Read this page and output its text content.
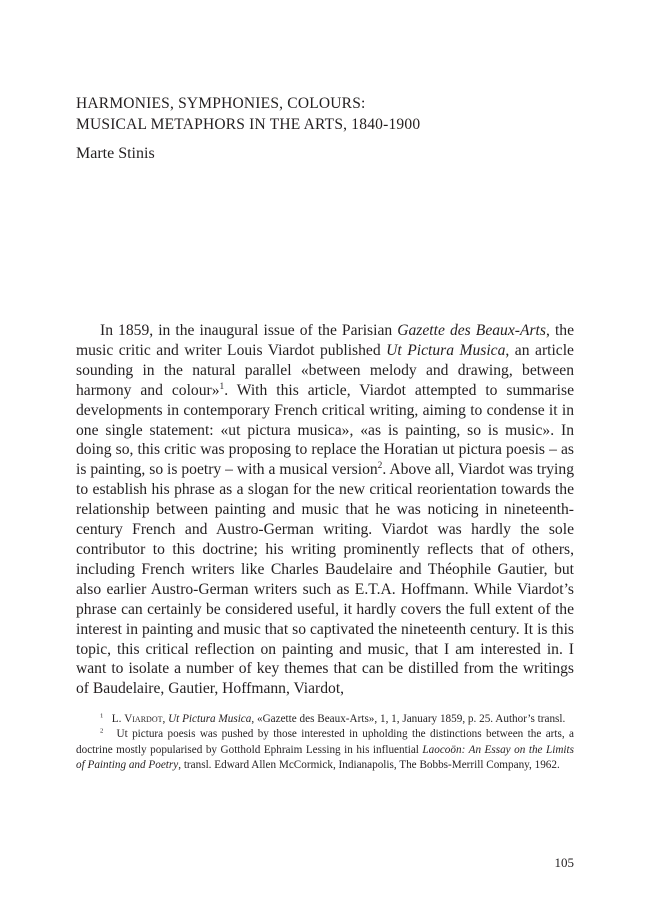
HARMONIES, SYMPHONIES, COLOURS:
MUSICAL METAPHORS IN THE ARTS, 1840-1900

Marte Stinis

In 1859, in the inaugural issue of the Parisian Gazette des Beaux-Arts, the music critic and writer Louis Viardot published Ut Pictura Musica, an article sounding in the natural parallel «between melody and drawing, between harmony and colour»$^1$. With this article, Viardot attempted to summarise developments in contemporary French critical writing, aiming to condense it in one single statement: «ut pictura musica», «as is painting, so is music». In doing so, this critic was proposing to replace the Horatian ut pictura poesis – as is painting, so is poetry – with a musical version$^2$. Above all, Viardot was trying to establish his phrase as a slogan for the new critical reorientation towards the relationship between painting and music that he was noticing in nineteenth-century French and Austro-German writing. Viardot was hardly the sole contributor to this doctrine; his writing prominently reflects that of others, including French writers like Charles Baudelaire and Théophile Gautier, but also earlier Austro-German writers such as E.T.A. Hoffmann. While Viardot’s phrase can certainly be considered useful, it hardly covers the full extent of the interest in painting and music that so captivated the nineteenth century. It is this topic, this critical reflection on painting and music, that I am interested in. I want to isolate a number of key themes that can be distilled from the writings of Baudelaire, Gautier, Hoffmann, Viardot,

$^1$ L. Viardot, Ut Pictura Musica, «Gazette des Beaux-Arts», 1, 1, January 1859, p. 25. Author’s transl.

$^2$ Ut pictura poesis was pushed by those interested in upholding the distinctions between the arts, a doctrine mostly popularised by Gotthold Ephraim Lessing in his influential Laocoön: An Essay on the Limits of Painting and Poetry, transl. Edward Allen McCormick, Indianapolis, The Bobbs-Merrill Company, 1962.

105
